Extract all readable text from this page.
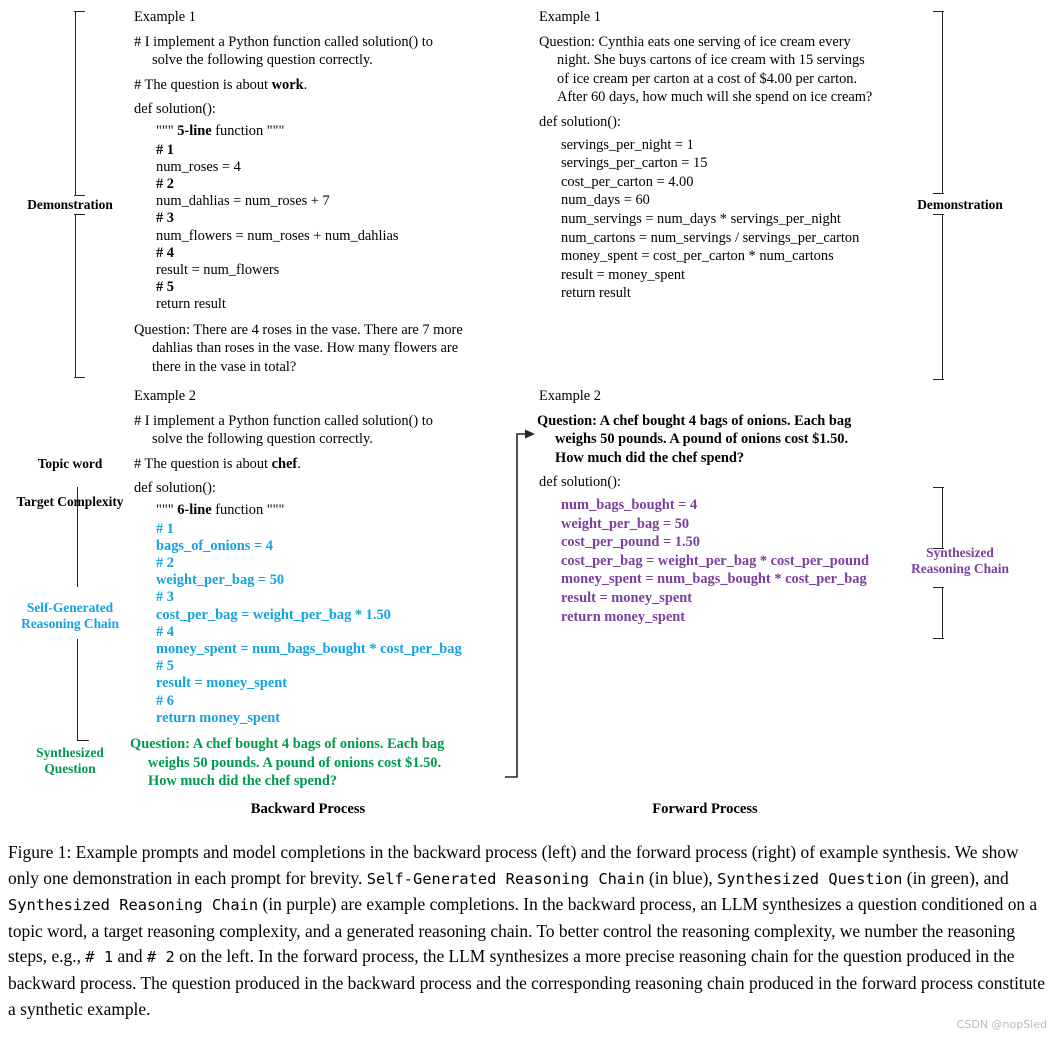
Example 1
# I implement a Python function called solution() to
solve the following question correctly.
# The question is about work.
def solution():
""" 5-line function """
# 1
num_roses = 4
# 2
num_dahlias = num_roses + 7
# 3
num_flowers = num_roses + num_dahlias
# 4
result = num_flowers
# 5
return result
Question: There are 4 roses in the vase. There are 7 more
dahlias than roses in the vase. How many flowers are
there in the vase in total?
Example 2
# I implement a Python function called solution() to
solve the following question correctly.
# The question is about chef.
def solution():
""" 6-line function """
# 1
bags_of_onions = 4
# 2
weight_per_bag = 50
# 3
cost_per_bag = weight_per_bag * 1.50
# 4
money_spent = num_bags_bought * cost_per_bag
# 5
result = money_spent
# 6
return money_spent
Question: A chef bought 4 bags of onions. Each bag
weighs 50 pounds. A pound of onions cost $1.50.
How much did the chef spend?
Example 1
Question: Cynthia eats one serving of ice cream every
night. She buys cartons of ice cream with 15 servings
of ice cream per carton at a cost of $4.00 per carton.
After 60 days, how much will she spend on ice cream?
def solution():
servings_per_night = 1
servings_per_carton = 15
cost_per_carton = 4.00
num_days = 60
num_servings = num_days * servings_per_night
num_cartons = num_servings / servings_per_carton
money_spent = cost_per_carton * num_cartons
result = money_spent
return result
Example 2
Question: A chef bought 4 bags of onions. Each bag
weighs 50 pounds. A pound of onions cost $1.50.
How much did the chef spend?
def solution():
num_bags_bought = 4
weight_per_bag = 50
cost_per_pound = 1.50
cost_per_bag = weight_per_bag * cost_per_pound
money_spent = num_bags_bought * cost_per_bag
result = money_spent
return money_spent
Demonstration
Topic word
Target Complexity
Self-Generated
Reasoning Chain
Synthesized
Question
Demonstration
Synthesized
Reasoning Chain
Backward Process	Forward Process
Figure 1: Example prompts and model completions in the backward process (left) and the forward process (right) of example synthesis. We show only one demonstration in each prompt for brevity. Self-Generated Reasoning Chain (in blue), Synthesized Question (in green), and Synthesized Reasoning Chain (in purple) are example completions. In the backward process, an LLM synthesizes a question conditioned on a topic word, a target reasoning complexity, and a generated reasoning chain. To better control the reasoning complexity, we number the reasoning steps, e.g., # 1 and # 2 on the left. In the forward process, the LLM synthesizes a more precise reasoning chain for the question produced in the backward process. The question produced in the backward process and the corresponding reasoning chain produced in the forward process constitute a synthetic example.
CSDN @nopSled
